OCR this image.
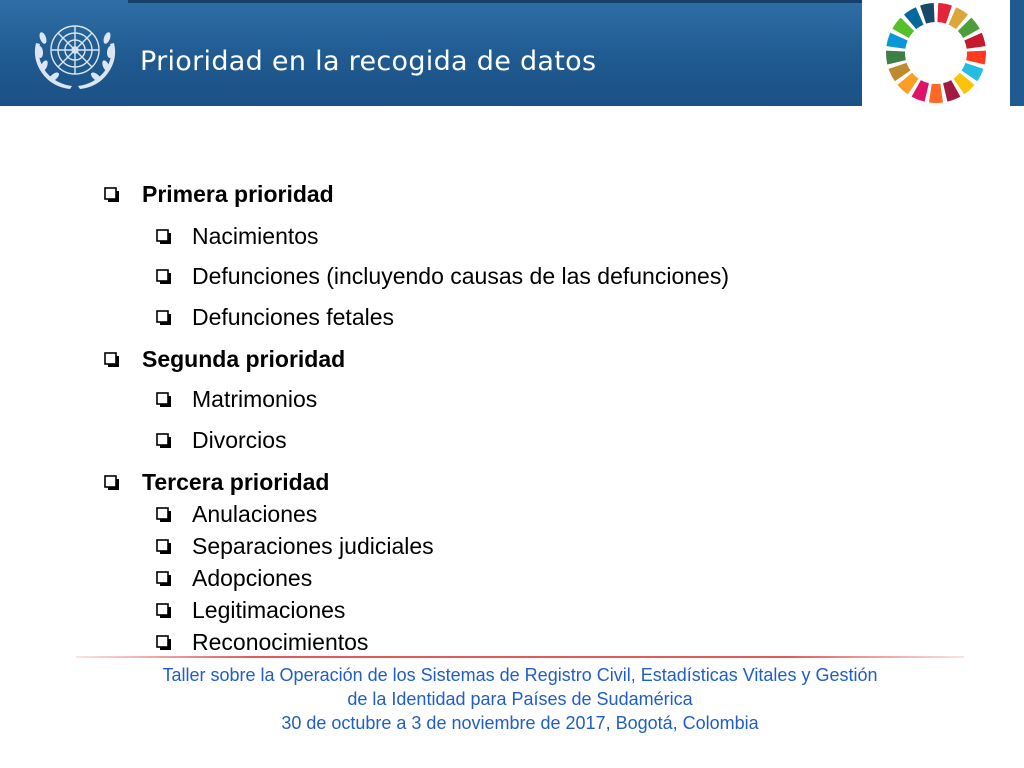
Prioridad en la recogida de datos
Primera prioridad
Nacimientos
Defunciones (incluyendo causas de las defunciones)
Defunciones fetales
Segunda prioridad
Matrimonios
Divorcios
Tercera prioridad
Anulaciones
Separaciones judiciales
Adopciones
Legitimaciones
Reconocimientos
Taller sobre la Operación de los Sistemas de Registro Civil, Estadísticas Vitales y Gestión
de la Identidad para Países de Sudamérica
30 de octubre a 3 de noviembre de 2017, Bogotá, Colombia
